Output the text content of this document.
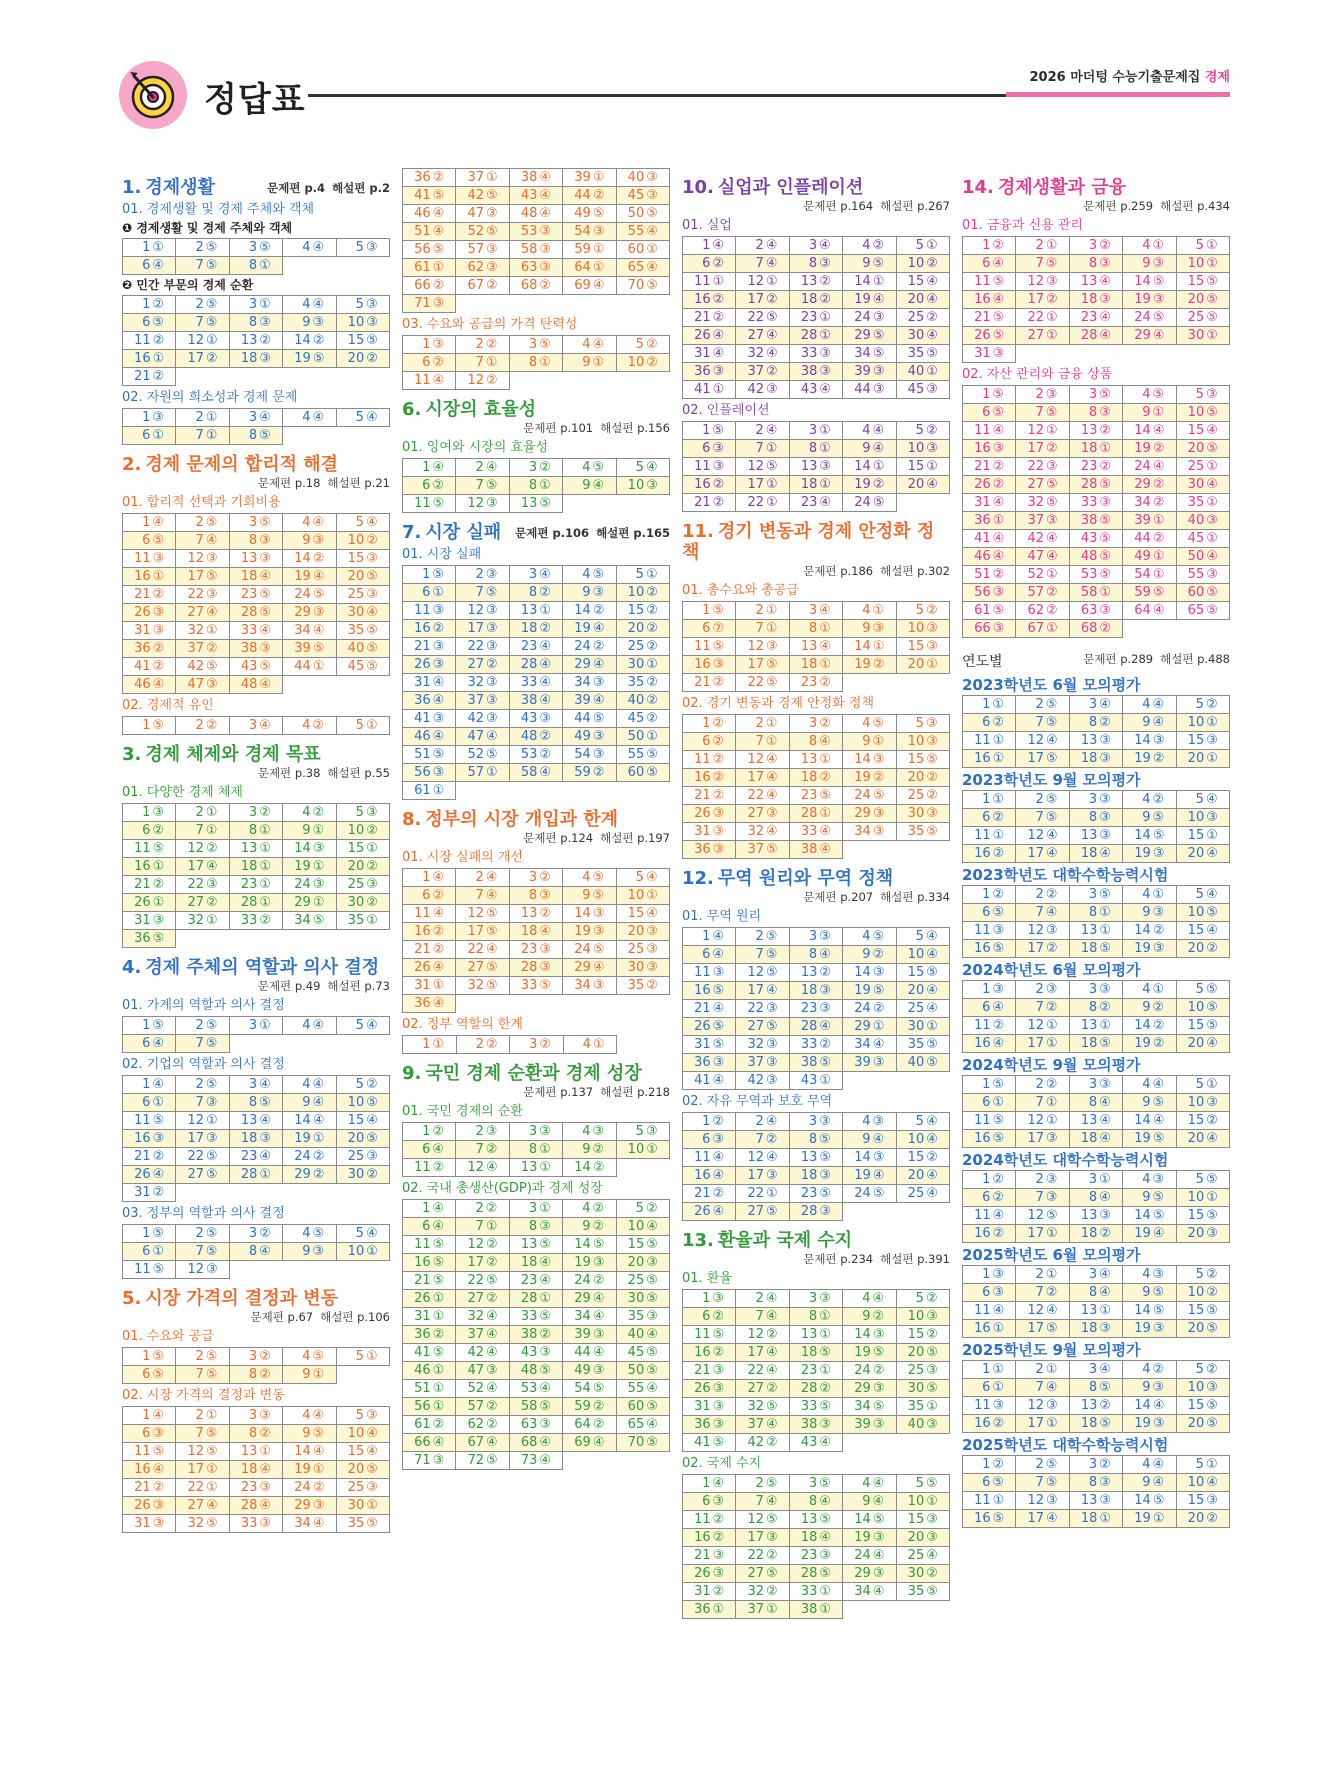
정답표
2026 마더텅 수능기출문제집 경제
문제편 p.4 해설편 p.2
1. 경제생활
01. 경제생활 및 경제 주체와 객체
❶ 경제생활 및 경제 주체와 객체
1 ①	2 ⑤	3 ⑤	4 ④	5 ③
6 ④	7 ⑤	8 ①		
❷ 민간 부문의 경제 순환
1 ②	2 ⑤	3 ①	4 ④	5 ③
6 ⑤	7 ⑤	8 ③	9 ③	10 ③
11 ②	12 ①	13 ②	14 ②	15 ⑤
16 ①	17 ②	18 ③	19 ⑤	20 ②
21 ②				
02. 자원의 희소성과 경제 문제
1 ③	2 ①	3 ④	4 ④	5 ④
6 ①	7 ①	8 ⑤		
2. 경제 문제의 합리적 해결
문제편 p.18 해설편 p.21
01. 합리적 선택과 기회비용
1 ④	2 ⑤	3 ⑤	4 ④	5 ④
6 ⑤	7 ④	8 ③	9 ③	10 ②
11 ③	12 ③	13 ③	14 ②	15 ③
16 ①	17 ⑤	18 ④	19 ④	20 ⑤
21 ②	22 ③	23 ⑤	24 ⑤	25 ③
26 ③	27 ④	28 ⑤	29 ③	30 ④
31 ③	32 ①	33 ④	34 ④	35 ⑤
36 ②	37 ②	38 ③	39 ⑤	40 ⑤
41 ②	42 ⑤	43 ⑤	44 ①	45 ⑤
46 ④	47 ③	48 ④		
02. 경제적 유인
1 ⑤	2 ②	3 ④	4 ②	5 ①
3. 경제 체제와 경제 목표
문제편 p.38 해설편 p.55
01. 다양한 경제 체제
1 ③	2 ①	3 ②	4 ②	5 ③
6 ②	7 ①	8 ①	9 ①	10 ②
11 ⑤	12 ②	13 ①	14 ③	15 ①
16 ①	17 ④	18 ①	19 ①	20 ②
21 ②	22 ③	23 ①	24 ③	25 ③
26 ①	27 ②	28 ①	29 ①	30 ②
31 ③	32 ①	33 ②	34 ⑤	35 ①
36 ⑤				
4. 경제 주체의 역할과 의사 결정
문제편 p.49 해설편 p.73
01. 가계의 역할과 의사 결정
1 ⑤	2 ⑤	3 ①	4 ④	5 ④
6 ④	7 ⑤			
02. 기업의 역할과 의사 결정
1 ④	2 ⑤	3 ④	4 ④	5 ②
6 ①	7 ③	8 ⑤	9 ④	10 ⑤
11 ⑤	12 ①	13 ④	14 ④	15 ④
16 ③	17 ③	18 ③	19 ①	20 ⑤
21 ②	22 ⑤	23 ④	24 ②	25 ③
26 ④	27 ⑤	28 ①	29 ②	30 ②
31 ②				
03. 정부의 역할과 의사 결정
1 ⑤	2 ⑤	3 ②	4 ⑤	5 ④
6 ①	7 ⑤	8 ④	9 ③	10 ①
11 ⑤	12 ③			
5. 시장 가격의 결정과 변동
문제편 p.67 해설편 p.106
01. 수요와 공급
1 ⑤	2 ⑤	3 ②	4 ⑤	5 ①
6 ⑤	7 ⑤	8 ②	9 ①	
02. 시장 가격의 결정과 변동
1 ④	2 ①	3 ③	4 ④	5 ③
6 ③	7 ⑤	8 ②	9 ⑤	10 ④
11 ⑤	12 ⑤	13 ①	14 ④	15 ④
16 ④	17 ①	18 ④	19 ①	20 ⑤
21 ②	22 ①	23 ③	24 ②	25 ③
26 ③	27 ④	28 ④	29 ③	30 ①
31 ③	32 ⑤	33 ③	34 ④	35 ⑤
36 ②	37 ①	38 ④	39 ①	40 ③
41 ⑤	42 ⑤	43 ④	44 ②	45 ③
46 ④	47 ③	48 ④	49 ⑤	50 ⑤
51 ④	52 ⑤	53 ③	54 ③	55 ④
56 ⑤	57 ③	58 ③	59 ①	60 ①
61 ①	62 ③	63 ③	64 ①	65 ④
66 ②	67 ②	68 ②	69 ④	70 ⑤
71 ③				
03. 수요와 공급의 가격 탄력성
1 ③	2 ②	3 ⑤	4 ④	5 ②
6 ②	7 ①	8 ①	9 ①	10 ②
11 ④	12 ②			
6. 시장의 효율성
문제편 p.101 해설편 p.156
01. 잉여와 시장의 효율성
1 ④	2 ④	3 ②	4 ⑤	5 ④
6 ②	7 ⑤	8 ①	9 ④	10 ③
11 ⑤	12 ③	13 ⑤		
문제편 p.106 해설편 p.165
7. 시장 실패
01. 시장 실패
1 ⑤	2 ③	3 ④	4 ⑤	5 ①
6 ①	7 ⑤	8 ②	9 ③	10 ②
11 ③	12 ③	13 ①	14 ②	15 ②
16 ②	17 ③	18 ②	19 ④	20 ②
21 ③	22 ③	23 ④	24 ②	25 ②
26 ③	27 ②	28 ④	29 ④	30 ①
31 ④	32 ③	33 ④	34 ③	35 ②
36 ④	37 ③	38 ④	39 ④	40 ②
41 ③	42 ③	43 ③	44 ⑤	45 ②
46 ④	47 ④	48 ②	49 ③	50 ①
51 ⑤	52 ⑤	53 ②	54 ③	55 ⑤
56 ③	57 ①	58 ④	59 ②	60 ⑤
61 ①				
8. 정부의 시장 개입과 한계
문제편 p.124 해설편 p.197
01. 시장 실패의 개선
1 ④	2 ④	3 ②	4 ⑤	5 ④
6 ②	7 ④	8 ③	9 ⑤	10 ①
11 ④	12 ⑤	13 ②	14 ③	15 ④
16 ②	17 ⑤	18 ④	19 ③	20 ③
21 ②	22 ④	23 ③	24 ⑤	25 ③
26 ④	27 ⑤	28 ③	29 ④	30 ③
31 ①	32 ⑤	33 ⑤	34 ③	35 ②
36 ④				
02. 정부 역할의 한계
1 ①	2 ②	3 ②	4 ①	
9. 국민 경제 순환과 경제 성장
문제편 p.137 해설편 p.218
01. 국민 경제의 순환
1 ②	2 ③	3 ③	4 ③	5 ③
6 ④	7 ②	8 ①	9 ②	10 ①
11 ②	12 ④	13 ①	14 ②	
02. 국내 총생산(GDP)과 경제 성장
1 ④	2 ②	3 ①	4 ②	5 ②
6 ④	7 ①	8 ③	9 ②	10 ④
11 ⑤	12 ②	13 ⑤	14 ⑤	15 ⑤
16 ⑤	17 ②	18 ④	19 ③	20 ③
21 ⑤	22 ⑤	23 ④	24 ②	25 ⑤
26 ①	27 ②	28 ①	29 ④	30 ⑤
31 ①	32 ④	33 ⑤	34 ④	35 ③
36 ②	37 ④	38 ②	39 ③	40 ④
41 ⑤	42 ④	43 ③	44 ④	45 ⑤
46 ①	47 ③	48 ⑤	49 ③	50 ⑤
51 ①	52 ④	53 ④	54 ⑤	55 ④
56 ①	57 ②	58 ⑤	59 ②	60 ⑤
61 ②	62 ②	63 ③	64 ②	65 ④
66 ④	67 ④	68 ④	69 ④	70 ⑤
71 ③	72 ⑤	73 ④		
10. 실업과 인플레이션
문제편 p.164 해설편 p.267
01. 실업
1 ④	2 ④	3 ④	4 ②	5 ①
6 ②	7 ④	8 ③	9 ⑤	10 ②
11 ①	12 ①	13 ②	14 ①	15 ④
16 ②	17 ②	18 ②	19 ④	20 ④
21 ②	22 ⑤	23 ①	24 ③	25 ②
26 ④	27 ④	28 ①	29 ⑤	30 ④
31 ④	32 ④	33 ③	34 ⑤	35 ⑤
36 ③	37 ②	38 ③	39 ③	40 ①
41 ①	42 ③	43 ④	44 ③	45 ③
02. 인플레이션
1 ⑤	2 ④	3 ①	4 ④	5 ②
6 ③	7 ①	8 ①	9 ④	10 ③
11 ③	12 ⑤	13 ③	14 ①	15 ①
16 ②	17 ①	18 ①	19 ②	20 ④
21 ②	22 ①	23 ④	24 ⑤	
11. 경기 변동과 경제 안정화 정책
문제편 p.186 해설편 p.302
01. 총수요와 총공급
1 ⑤	2 ①	3 ④	4 ①	5 ②
6 ⑦	7 ①	8 ①	9 ③	10 ③
11 ⑤	12 ③	13 ④	14 ①	15 ③
16 ③	17 ⑤	18 ①	19 ②	20 ①
21 ②	22 ⑤	23 ②		
02. 경기 변동과 경제 안정화 정책
1 ②	2 ①	3 ②	4 ⑤	5 ③
6 ②	7 ①	8 ④	9 ①	10 ③
11 ②	12 ④	13 ①	14 ③	15 ⑤
16 ②	17 ④	18 ②	19 ②	20 ②
21 ②	22 ④	23 ⑤	24 ⑤	25 ②
26 ③	27 ③	28 ①	29 ③	30 ③
31 ③	32 ④	33 ④	34 ③	35 ⑤
36 ③	37 ⑤	38 ④		
12. 무역 원리와 무역 정책
문제편 p.207 해설편 p.334
01. 무역 원리
1 ④	2 ⑤	3 ③	4 ⑤	5 ④
6 ④	7 ⑤	8 ④	9 ②	10 ④
11 ③	12 ⑤	13 ②	14 ③	15 ⑤
16 ⑤	17 ④	18 ③	19 ⑤	20 ④
21 ④	22 ③	23 ③	24 ②	25 ④
26 ⑤	27 ⑤	28 ④	29 ①	30 ①
31 ⑤	32 ③	33 ②	34 ④	35 ⑤
36 ③	37 ③	38 ⑤	39 ③	40 ⑤
41 ④	42 ③	43 ①		
02. 자유 무역과 보호 무역
1 ②	2 ④	3 ③	4 ③	5 ④
6 ③	7 ②	8 ⑤	9 ④	10 ④
11 ④	12 ④	13 ⑤	14 ③	15 ②
16 ④	17 ③	18 ③	19 ④	20 ④
21 ②	22 ①	23 ⑤	24 ⑤	25 ④
26 ④	27 ⑤	28 ③		
13. 환율과 국제 수지
문제편 p.234 해설편 p.391
01. 환율
1 ③	2 ④	3 ③	4 ④	5 ②
6 ②	7 ④	8 ①	9 ②	10 ③
11 ⑤	12 ②	13 ①	14 ③	15 ②
16 ②	17 ④	18 ⑤	19 ⑤	20 ⑤
21 ③	22 ④	23 ①	24 ②	25 ③
26 ③	27 ②	28 ②	29 ③	30 ⑤
31 ③	32 ⑤	33 ⑤	34 ⑤	35 ①
36 ③	37 ④	38 ③	39 ③	40 ③
41 ⑤	42 ②	43 ④		
02. 국제 수지
1 ④	2 ⑤	3 ⑤	4 ④	5 ⑤
6 ③	7 ④	8 ④	9 ④	10 ①
11 ②	12 ⑤	13 ⑤	14 ⑤	15 ③
16 ②	17 ③	18 ④	19 ③	20 ③
21 ③	22 ②	23 ③	24 ④	25 ④
26 ③	27 ⑤	28 ⑤	29 ③	30 ②
31 ②	32 ②	33 ①	34 ④	35 ⑤
36 ①	37 ①	38 ①		
14. 경제생활과 금융
문제편 p.259 해설편 p.434
01. 금융과 신용 관리
1 ②	2 ①	3 ②	4 ①	5 ①
6 ④	7 ⑤	8 ③	9 ③	10 ①
11 ⑤	12 ③	13 ④	14 ⑤	15 ⑤
16 ④	17 ②	18 ③	19 ③	20 ⑤
21 ⑤	22 ①	23 ④	24 ⑤	25 ⑤
26 ⑤	27 ①	28 ④	29 ④	30 ①
31 ③				
02. 자산 관리와 금융 상품
1 ⑤	2 ③	3 ⑤	4 ⑤	5 ③
6 ⑤	7 ⑤	8 ③	9 ①	10 ⑤
11 ④	12 ①	13 ②	14 ④	15 ④
16 ③	17 ②	18 ①	19 ②	20 ⑤
21 ②	22 ③	23 ②	24 ④	25 ①
26 ②	27 ⑤	28 ⑤	29 ②	30 ④
31 ④	32 ⑤	33 ③	34 ②	35 ①
36 ①	37 ③	38 ⑤	39 ①	40 ③
41 ④	42 ④	43 ⑤	44 ②	45 ①
46 ④	47 ④	48 ⑤	49 ①	50 ④
51 ②	52 ①	53 ⑤	54 ①	55 ③
56 ③	57 ②	58 ①	59 ⑤	60 ⑤
61 ⑤	62 ②	63 ③	64 ④	65 ⑤
66 ③	67 ①	68 ②		
문제편 p.289 해설편 p.488
연도별
2023학년도 6월 모의평가
1 ①	2 ⑤	3 ④	4 ④	5 ②
6 ②	7 ⑤	8 ②	9 ④	10 ①
11 ①	12 ④	13 ③	14 ③	15 ③
16 ①	17 ⑤	18 ③	19 ②	20 ①
2023학년도 9월 모의평가
1 ①	2 ⑤	3 ③	4 ②	5 ④
6 ②	7 ⑤	8 ③	9 ⑤	10 ③
11 ①	12 ④	13 ③	14 ⑤	15 ①
16 ②	17 ④	18 ④	19 ③	20 ④
2023학년도 대학수학능력시험
1 ②	2 ②	3 ⑤	4 ①	5 ④
6 ⑤	7 ④	8 ①	9 ③	10 ⑤
11 ③	12 ③	13 ①	14 ②	15 ④
16 ⑤	17 ②	18 ⑤	19 ③	20 ②
2024학년도 6월 모의평가
1 ③	2 ③	3 ③	4 ①	5 ⑤
6 ④	7 ②	8 ②	9 ②	10 ⑤
11 ②	12 ①	13 ①	14 ②	15 ⑤
16 ④	17 ①	18 ⑤	19 ②	20 ④
2024학년도 9월 모의평가
1 ⑤	2 ②	3 ③	4 ④	5 ①
6 ①	7 ①	8 ④	9 ⑤	10 ③
11 ⑤	12 ①	13 ④	14 ④	15 ②
16 ⑤	17 ③	18 ④	19 ⑤	20 ④
2024학년도 대학수학능력시험
1 ②	2 ③	3 ①	4 ③	5 ⑤
6 ②	7 ③	8 ④	9 ⑤	10 ①
11 ④	12 ⑤	13 ③	14 ⑤	15 ⑤
16 ②	17 ①	18 ②	19 ④	20 ③
2025학년도 6월 모의평가
1 ③	2 ①	3 ④	4 ③	5 ②
6 ③	7 ②	8 ④	9 ⑤	10 ②
11 ④	12 ④	13 ①	14 ⑤	15 ⑤
16 ①	17 ⑤	18 ③	19 ③	20 ⑤
2025학년도 9월 모의평가
1 ①	2 ①	3 ④	4 ②	5 ②
6 ①	7 ④	8 ⑤	9 ③	10 ③
11 ③	12 ③	13 ②	14 ④	15 ⑤
16 ②	17 ①	18 ⑤	19 ③	20 ⑤
2025학년도 대학수학능력시험
1 ②	2 ⑤	3 ②	4 ④	5 ①
6 ⑤	7 ⑤	8 ③	9 ④	10 ④
11 ①	12 ③	13 ③	14 ⑤	15 ③
16 ⑤	17 ④	18 ①	19 ①	20 ②
